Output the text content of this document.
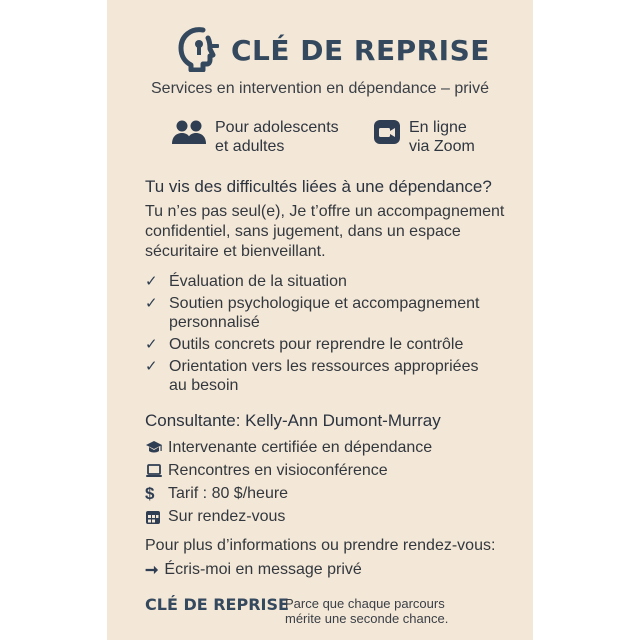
CLÉ DE REPRISE
Services en intervention en dépendance – privé
Pour adolescents
et adultes
En ligne
via Zoom
Tu vis des difficultés liées à une dépendance?
Tu n’es pas seul(e), Je t’offre un accompagnement
confidentiel, sans jugement, dans un espace
sécuritaire et bienveillant.
✓ Évaluation de la situation
✓ Soutien psychologique et accompagnement
personnalisé
✓ Outils concrets pour reprendre le contrôle
✓ Orientation vers les ressources appropriées
au besoin
Consultante: Kelly-Ann Dumont-Murray
Intervenante certifiée en dépendance
Rencontres en visioconférence
$ Tarif : 80 $/heure
Sur rendez-vous
Pour plus d’informations ou prendre rendez-vous:
➞ Écris-moi en message privé
CLÉ DE REPRISE
Parce que chaque parcours
mérite une seconde chance.
